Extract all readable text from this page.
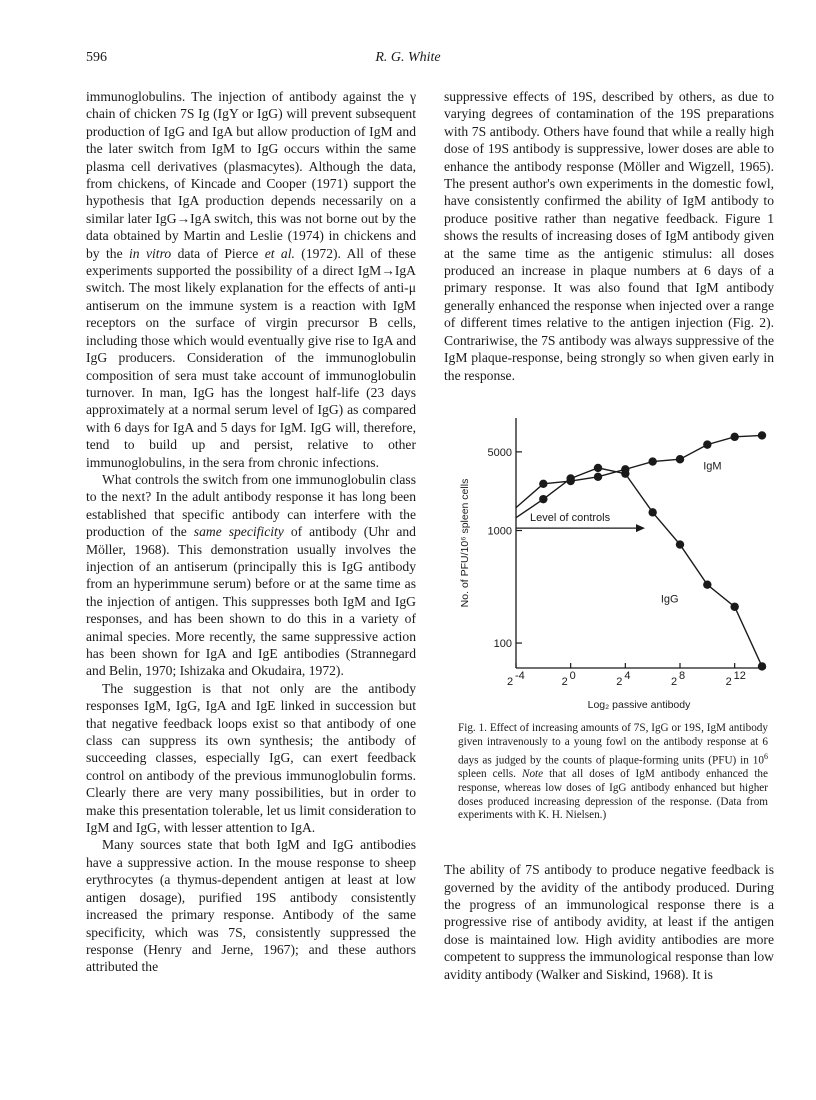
596	R. G. White

immunoglobulins. The injection of antibody against the γ chain of chicken 7S Ig (IgY or IgG) will prevent subsequent production of IgG and IgA but allow production of IgM and the later switch from IgM to IgG occurs within the same plasma cell derivatives (plasmacytes). Although the data, from chickens, of Kincade and Cooper (1971) support the hypothesis that IgA production depends necessarily on a similar later IgG→IgA switch, this was not borne out by the data obtained by Martin and Leslie (1974) in chickens and by the in vitro data of Pierce et al. (1972). All of these experiments supported the possibility of a direct IgM→IgA switch. The most likely explanation for the effects of anti-μ antiserum on the immune system is a reaction with IgM receptors on the surface of virgin precursor B cells, including those which would eventually give rise to IgA and IgG producers. Consideration of the immunoglobulin composition of sera must take account of immunoglobulin turnover. In man, IgG has the longest half-life (23 days approximately at a normal serum level of IgG) as compared with 6 days for IgA and 5 days for IgM. IgG will, therefore, tend to build up and persist, relative to other immunoglobulins, in the sera from chronic infections.

What controls the switch from one immunoglobulin class to the next? In the adult antibody response it has long been established that specific antibody can interfere with the production of the same specificity of antibody (Uhr and Möller, 1968). This demonstration usually involves the injection of an antiserum (principally this is IgG antibody from an hyperimmune serum) before or at the same time as the injection of antigen. This suppresses both IgM and IgG responses, and has been shown to do this in a variety of animal species. More recently, the same suppressive action has been shown for IgA and IgE antibodies (Strannegard and Belin, 1970; Ishizaka and Okudaira, 1972).

The suggestion is that not only are the antibody responses IgM, IgG, IgA and IgE linked in succession but that negative feedback loops exist so that antibody of one class can suppress its own synthesis; the antibody of succeeding classes, especially IgG, can exert feedback control on antibody of the previous immunoglobulin forms. Clearly there are very many possibilities, but in order to make this presentation tolerable, let us limit consideration to IgM and IgG, with lesser attention to IgA.

Many sources state that both IgM and IgG antibodies have a suppressive action. In the mouse response to sheep erythrocytes (a thymus-dependent antigen at least at low antigen dosage), purified 19S antibody consistently increased the primary response. Antibody of the same specificity, which was 7S, consistently suppressed the response (Henry and Jerne, 1967); and these authors attributed the

suppressive effects of 19S, described by others, as due to varying degrees of contamination of the 19S preparations with 7S antibody. Others have found that while a really high dose of 19S antibody is suppressive, lower doses are able to enhance the antibody response (Möller and Wigzell, 1965). The present author's own experiments in the domestic fowl, have consistently confirmed the ability of IgM antibody to produce positive rather than negative feedback. Figure 1 shows the results of increasing doses of IgM antibody given at the same time as the antigenic stimulus: all doses produced an increase in plaque numbers at 6 days of a primary response. It was also found that IgM antibody generally enhanced the response when injected over a range of different times relative to the antigen injection (Fig. 2). Contrariwise, the 7S antibody was always suppressive of the IgM plaque-response, being strongly so when given early in the response.

100
1000
5000
2 -4	2 0	2 4	2 8	2 12
Log₂ passive antibody
No. of PFU/10⁶ spleen cells
IgM
IgG
Level of controls
Fig. 1. Effect of increasing amounts of 7S, IgG or 19S, IgM antibody given intravenously to a young fowl on the antibody response at 6 days as judged by the counts of plaque-forming units (PFU) in $10^6$ spleen cells. Note that all doses of IgM antibody enhanced the response, whereas low doses of IgG antibody enhanced but higher doses produced increasing depression of the response. (Data from experiments with K. H. Nielsen.)

The ability of 7S antibody to produce negative feedback is governed by the avidity of the antibody produced. During the progress of an immunological response there is a progressive rise of antibody avidity, at least if the antigen dose is maintained low. High avidity antibodies are more competent to suppress the immunological response than low avidity antibody (Walker and Siskind, 1968). It is
